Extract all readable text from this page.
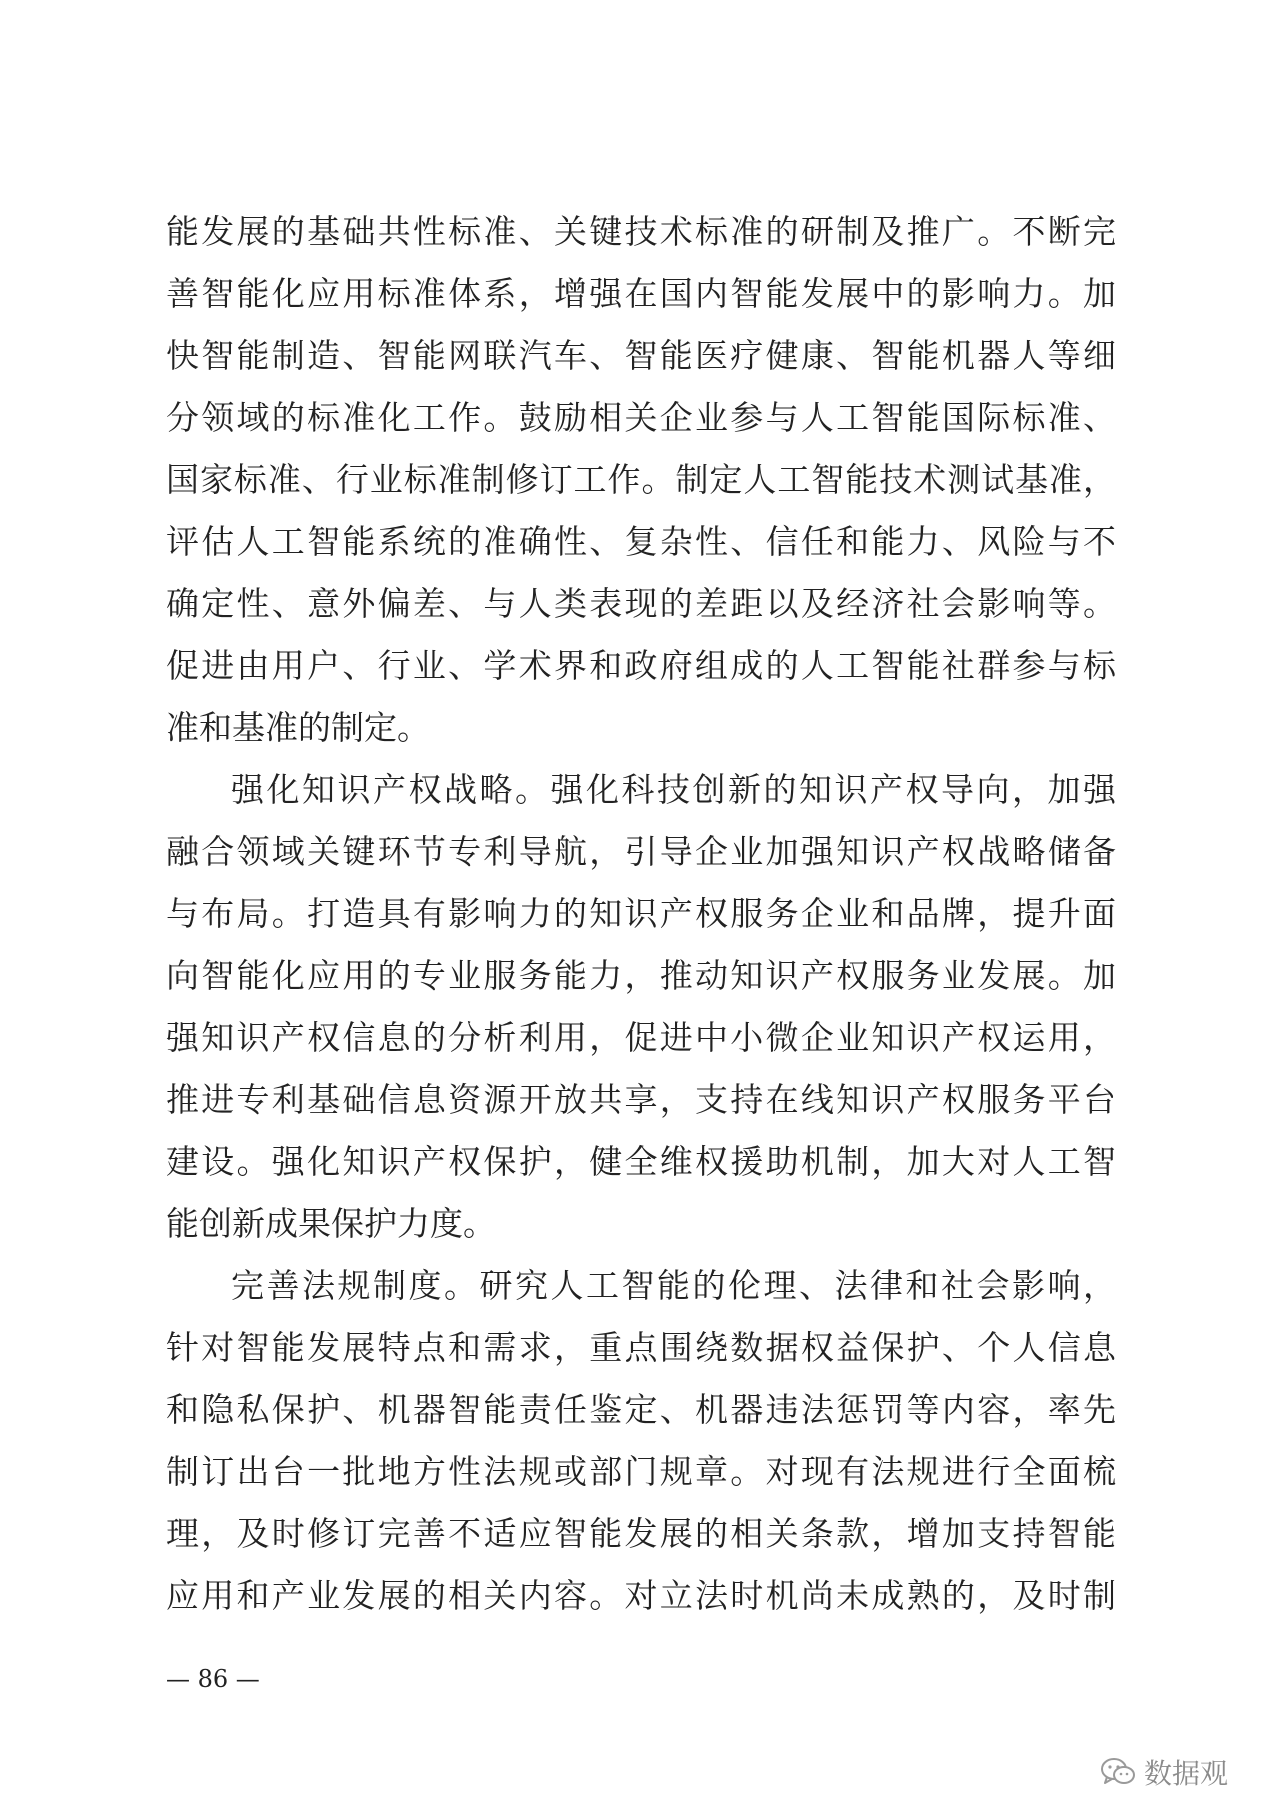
能发展的基础共性标准、关键技术标准的研制及推广。不断完
善智能化应用标准体系，增强在国内智能发展中的影响力。加
快智能制造、智能网联汽车、智能医疗健康、智能机器人等细
分领域的标准化工作。鼓励相关企业参与人工智能国际标准、
国家标准、行业标准制修订工作。制定人工智能技术测试基准，
评估人工智能系统的准确性、复杂性、信任和能力、风险与不
确定性、意外偏差、与人类表现的差距以及经济社会影响等。
促进由用户、行业、学术界和政府组成的人工智能社群参与标
准和基准的制定。
强化知识产权战略。强化科技创新的知识产权导向，加强
融合领域关键环节专利导航，引导企业加强知识产权战略储备
与布局。打造具有影响力的知识产权服务企业和品牌，提升面
向智能化应用的专业服务能力，推动知识产权服务业发展。加
强知识产权信息的分析利用，促进中小微企业知识产权运用，
推进专利基础信息资源开放共享，支持在线知识产权服务平台
建设。强化知识产权保护，健全维权援助机制，加大对人工智
能创新成果保护力度。
完善法规制度。研究人工智能的伦理、法律和社会影响，
针对智能发展特点和需求，重点围绕数据权益保护、个人信息
和隐私保护、机器智能责任鉴定、机器违法惩罚等内容，率先
制订出台一批地方性法规或部门规章。对现有法规进行全面梳
理，及时修订完善不适应智能发展的相关条款，增加支持智能
应用和产业发展的相关内容。对立法时机尚未成熟的，及时制
— 86 —
数据观
